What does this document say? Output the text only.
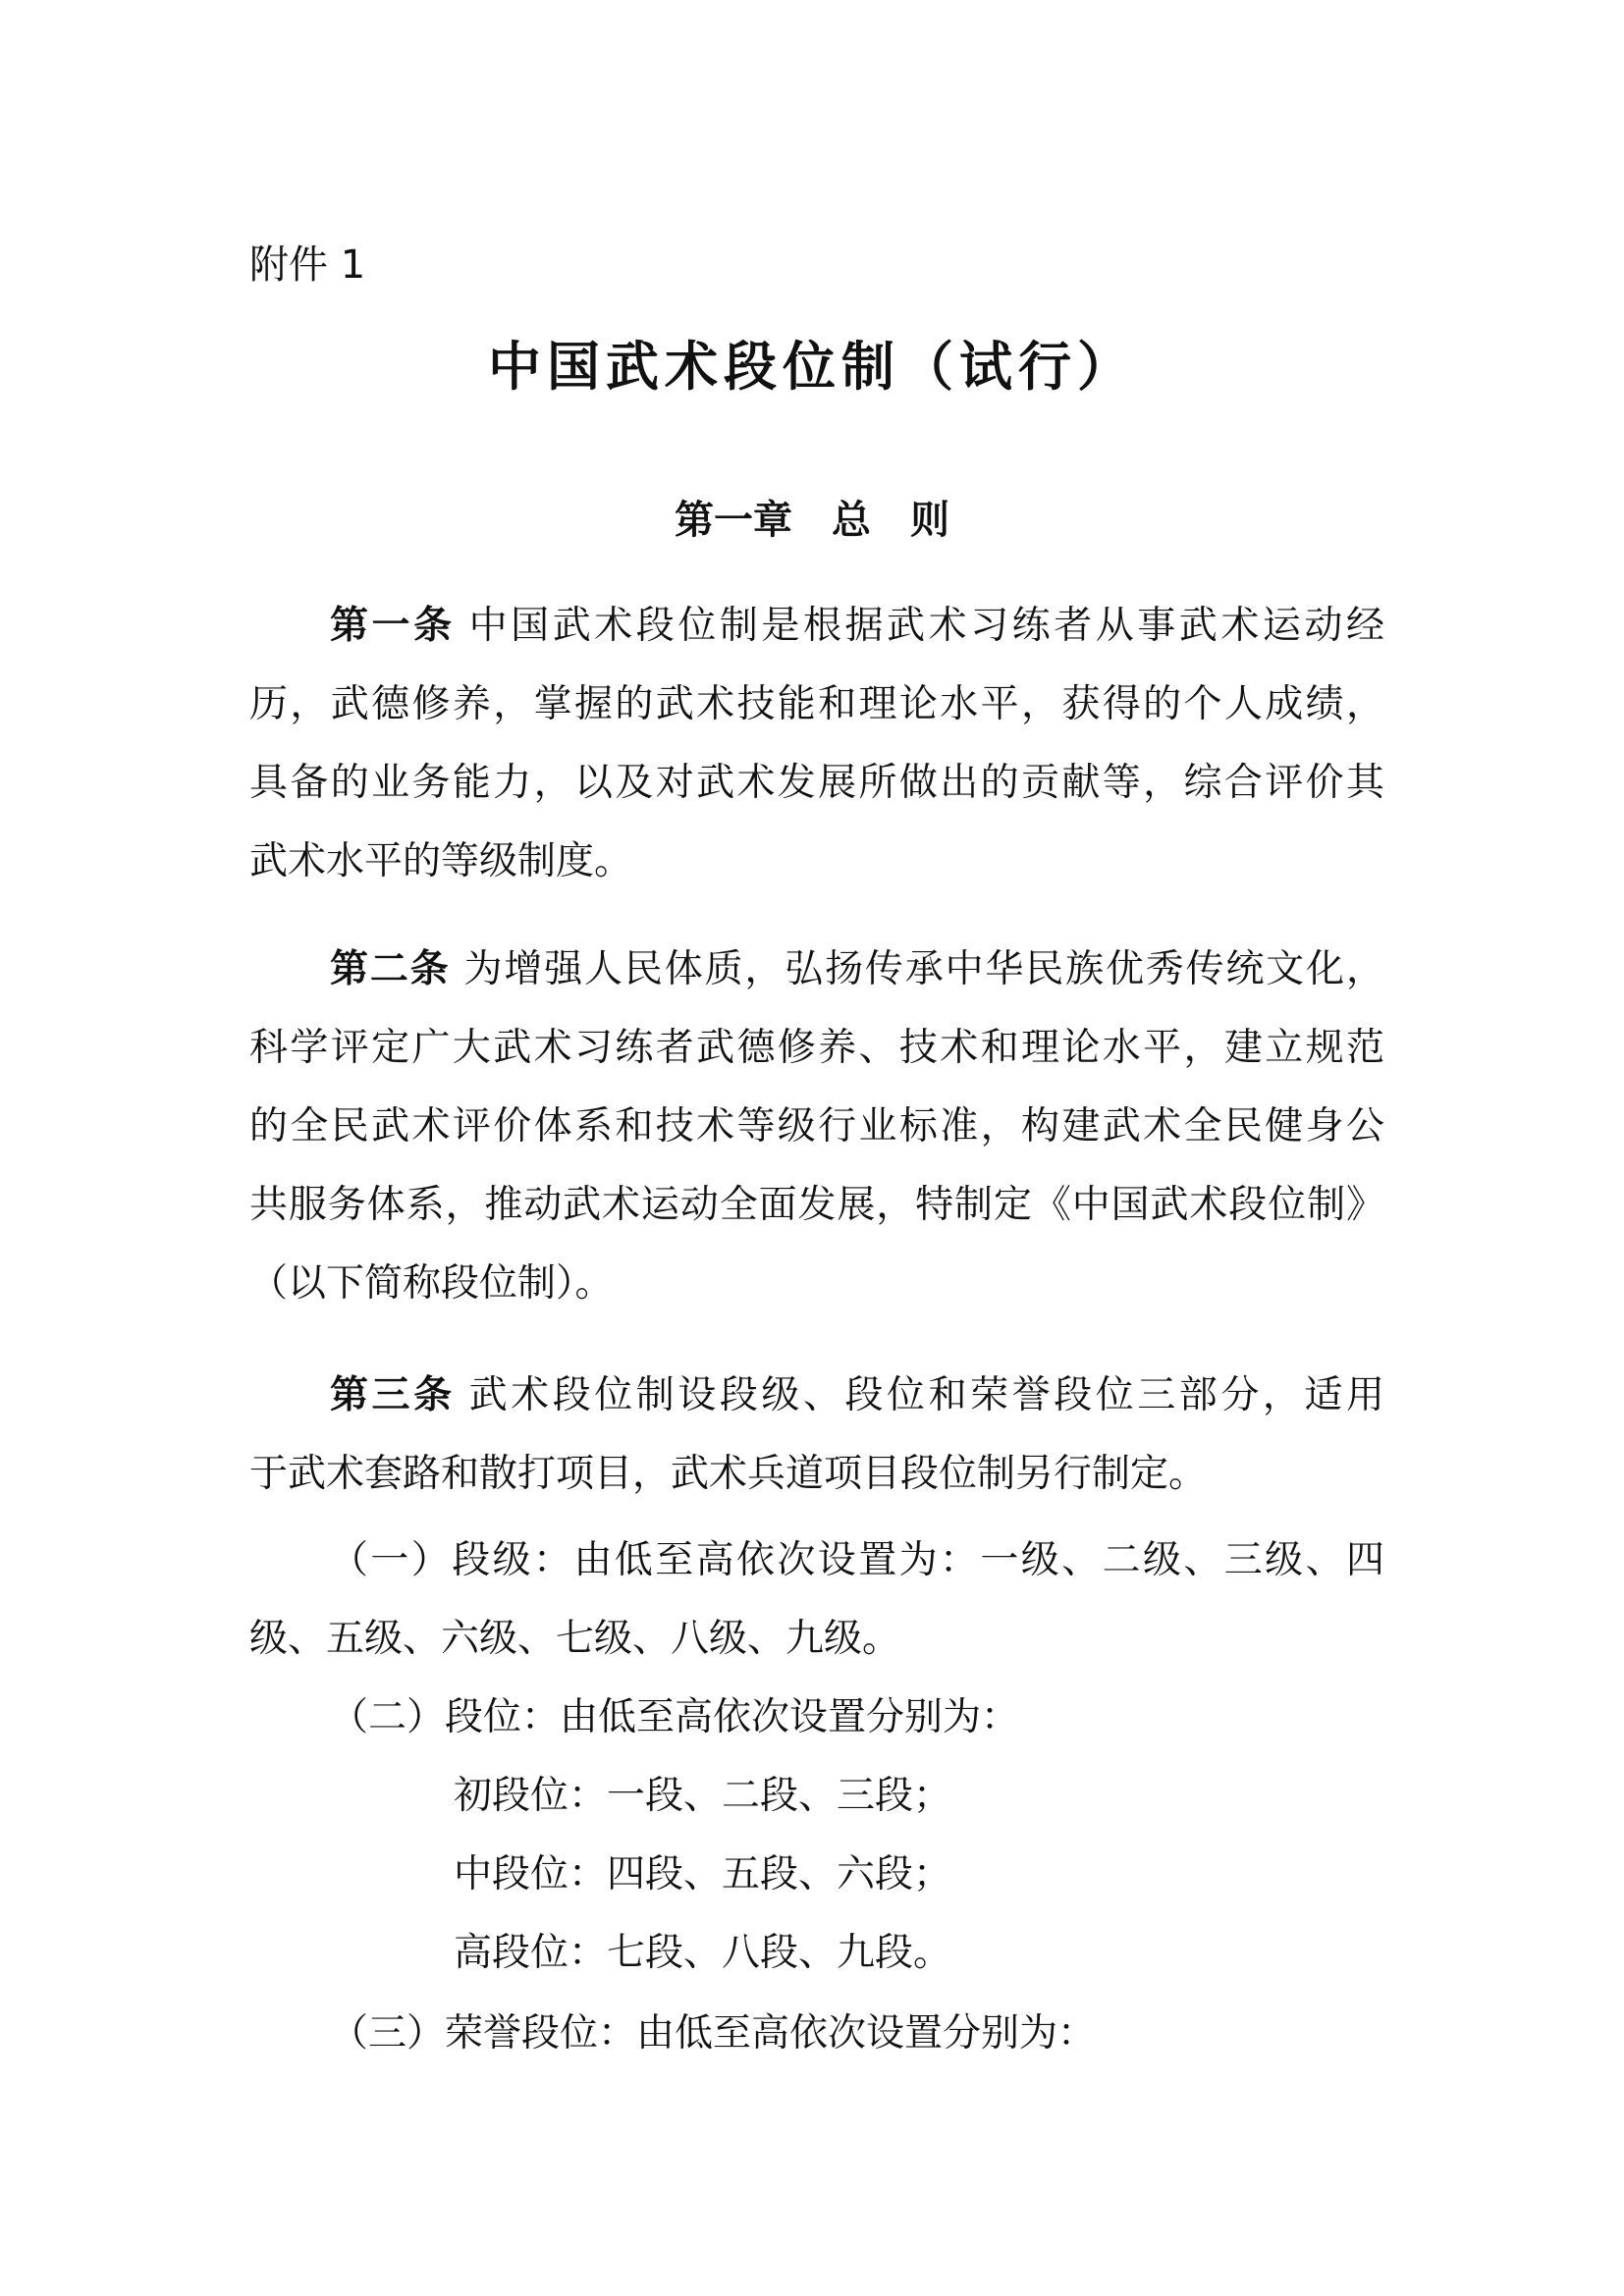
附件 1
中国武术段位制（试行）
第一章　总　则
第一条 中国武术段位制是根据武术习练者从事武术运动经
历，武德修养，掌握的武术技能和理论水平，获得的个人成绩，
具备的业务能力，以及对武术发展所做出的贡献等，综合评价其
武术水平的等级制度。
第二条 为增强人民体质，弘扬传承中华民族优秀传统文化，
科学评定广大武术习练者武德修养、技术和理论水平，建立规范
的全民武术评价体系和技术等级行业标准，构建武术全民健身公
共服务体系，推动武术运动全面发展，特制定《中国武术段位制》
（以下简称段位制）。
第三条 武术段位制设段级、段位和荣誉段位三部分，适用
于武术套路和散打项目，武术兵道项目段位制另行制定。
（一）段级：由低至高依次设置为：一级、二级、三级、四
级、五级、六级、七级、八级、九级。
（二）段位：由低至高依次设置分别为：
初段位：一段、二段、三段；
中段位：四段、五段、六段；
高段位：七段、八段、九段。
（三）荣誉段位：由低至高依次设置分别为：
